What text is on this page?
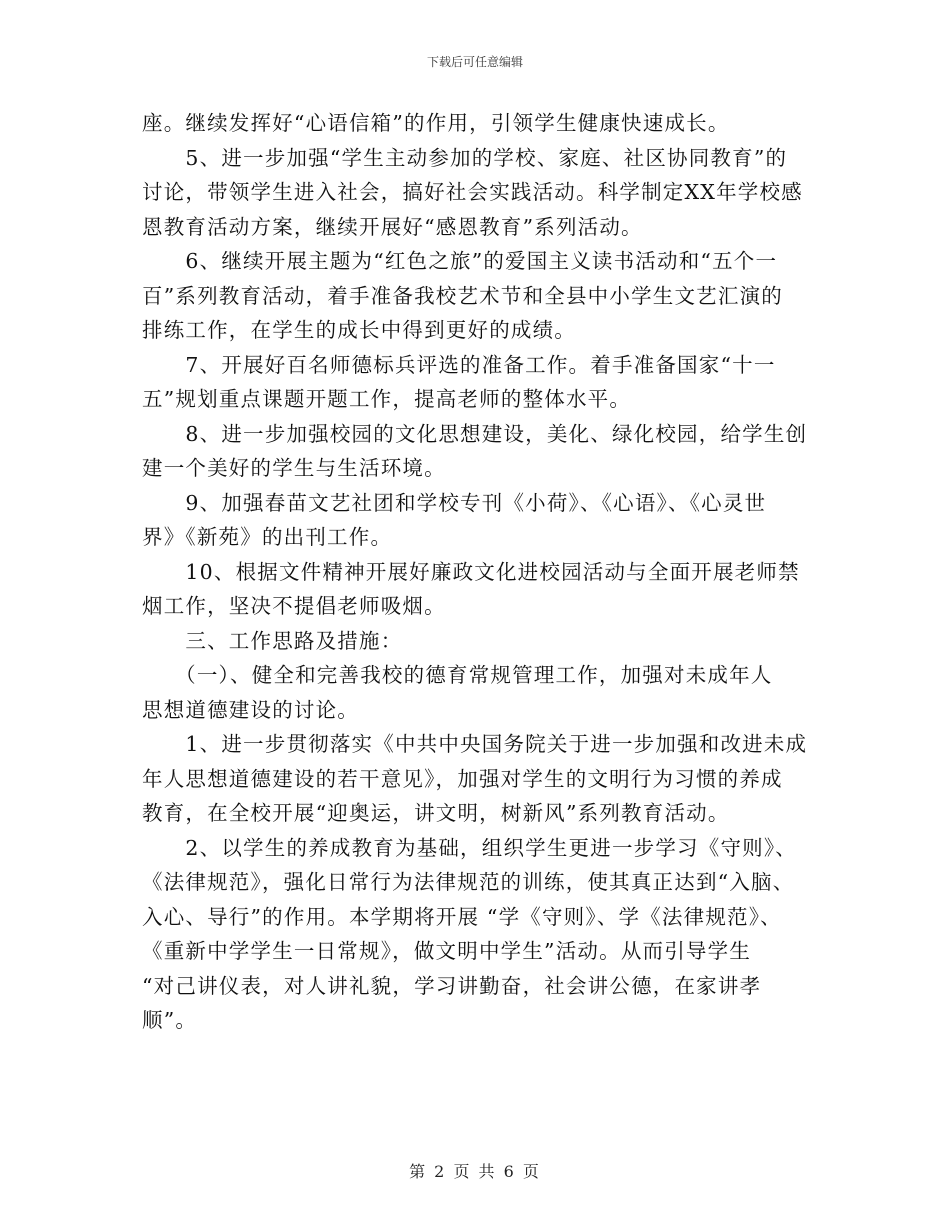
下载后可任意编辑

座。继续发挥好“心语信箱”的作用，引领学生健康快速成长。

　　5、进一步加强“学生主动参加的学校、家庭、社区协同教育”的

讨论，带领学生进入社会，搞好社会实践活动。科学制定XX年学校感

恩教育活动方案，继续开展好“感恩教育”系列活动。

　　6、继续开展主题为“红色之旅”的爱国主义读书活动和“五个一

百”系列教育活动，着手准备我校艺术节和全县中小学生文艺汇演的

排练工作，在学生的成长中得到更好的成绩。

　　7、开展好百名师德标兵评选的准备工作。着手准备国家“十一

五”规划重点课题开题工作，提高老师的整体水平。

　　8、进一步加强校园的文化思想建设，美化、绿化校园，给学生创

建一个美好的学生与生活环境。

　　9、加强春苗文艺社团和学校专刊《小荷》、《心语》、《心灵世

界》《新苑》的出刊工作。

　　10、根据文件精神开展好廉政文化进校园活动与全面开展老师禁

烟工作，坚决不提倡老师吸烟。

　　三、工作思路及措施：

　　（一）、健全和完善我校的德育常规管理工作，加强对未成年人

思想道德建设的讨论。

　　1、进一步贯彻落实《中共中央国务院关于进一步加强和改进未成

年人思想道德建设的若干意见》，加强对学生的文明行为习惯的养成

教育，在全校开展“迎奥运，讲文明，树新风”系列教育活动。

　　2、以学生的养成教育为基础，组织学生更进一步学习《守则》、

《法律规范》，强化日常行为法律规范的训练，使其真正达到“入脑、

入心、导行”的作用。本学期将开展 “学《守则》、学《法律规范》、

《重新中学学生一日常规》，做文明中学生”活动。从而引导学生

“对己讲仪表，对人讲礼貌，学习讲勤奋，社会讲公德，在家讲孝

顺”。

第 2 页 共 6 页
